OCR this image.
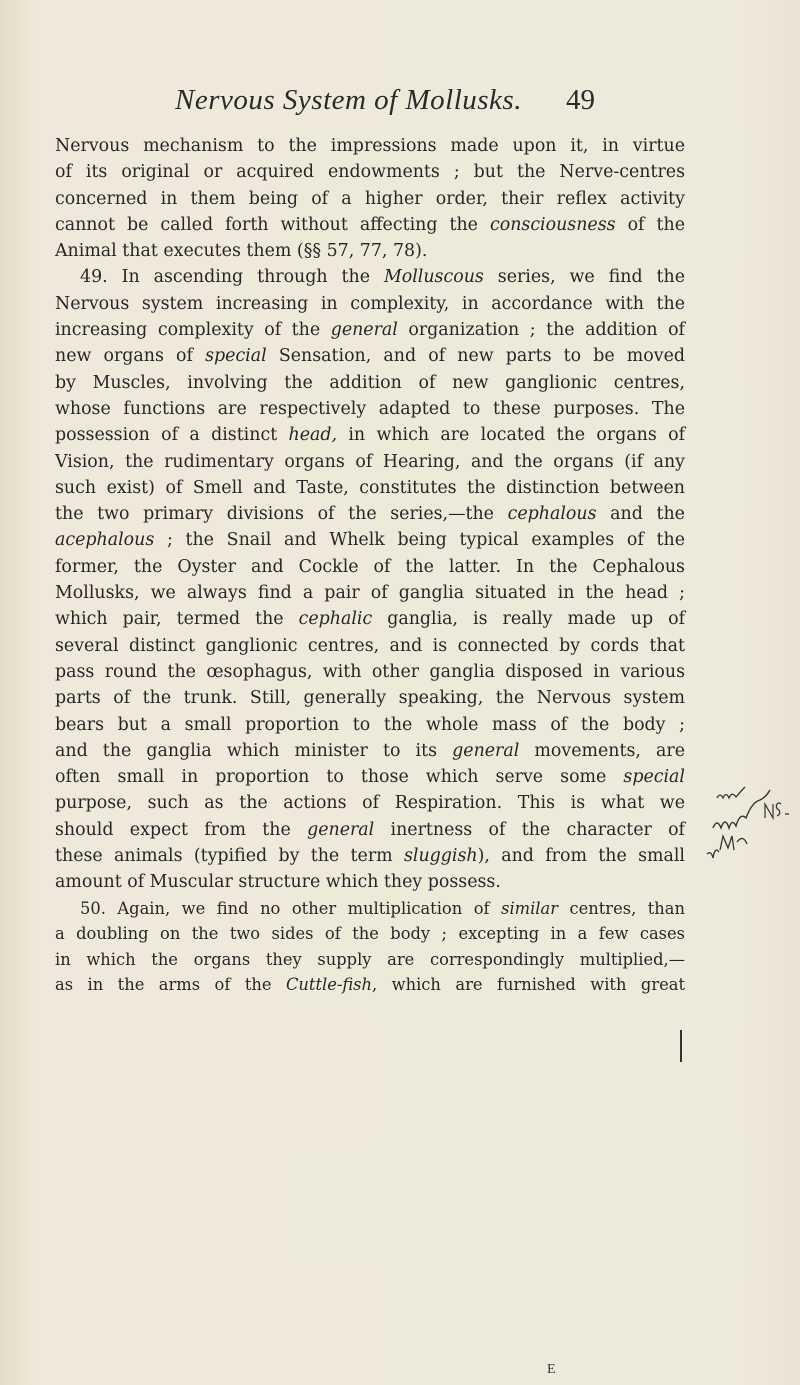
Nervous System of Mollusks. 49
Nervous mechanism to the impressions made upon it, in virtue
of its original or acquired endowments ; but the Nerve-centres
concerned in them being of a higher order, their reflex activity
cannot be called forth without affecting the consciousness of the
Animal that executes them (§§ 57, 77, 78).
49. In ascending through the Molluscous series, we find the
Nervous system increasing in complexity, in accordance with the
increasing complexity of the general organization ; the addition of
new organs of special Sensation, and of new parts to be moved
by Muscles, involving the addition of new ganglionic centres,
whose functions are respectively adapted to these purposes. The
possession of a distinct head, in which are located the organs of
Vision, the rudimentary organs of Hearing, and the organs (if any
such exist) of Smell and Taste, constitutes the distinction between
the two primary divisions of the series,—the cephalous and the
acephalous ; the Snail and Whelk being typical examples of the
former, the Oyster and Cockle of the latter. In the Cephalous
Mollusks, we always find a pair of ganglia situated in the head ;
which pair, termed the cephalic ganglia, is really made up of
several distinct ganglionic centres, and is connected by cords that
pass round the œsophagus, with other ganglia disposed in various
parts of the trunk. Still, generally speaking, the Nervous system
bears but a small proportion to the whole mass of the body ;
and the ganglia which minister to its general movements, are
often small in proportion to those which serve some special
purpose, such as the actions of Respiration. This is what we
should expect from the general inertness of the character of
these animals (typified by the term sluggish), and from the small
amount of Muscular structure which they possess.
50. Again, we find no other multiplication of similar centres, than
a doubling on the two sides of the body ; excepting in a few cases
in which the organs they supply are correspondingly multiplied,—
as in the arms of the Cuttle-fish, which are furnished with great
E
